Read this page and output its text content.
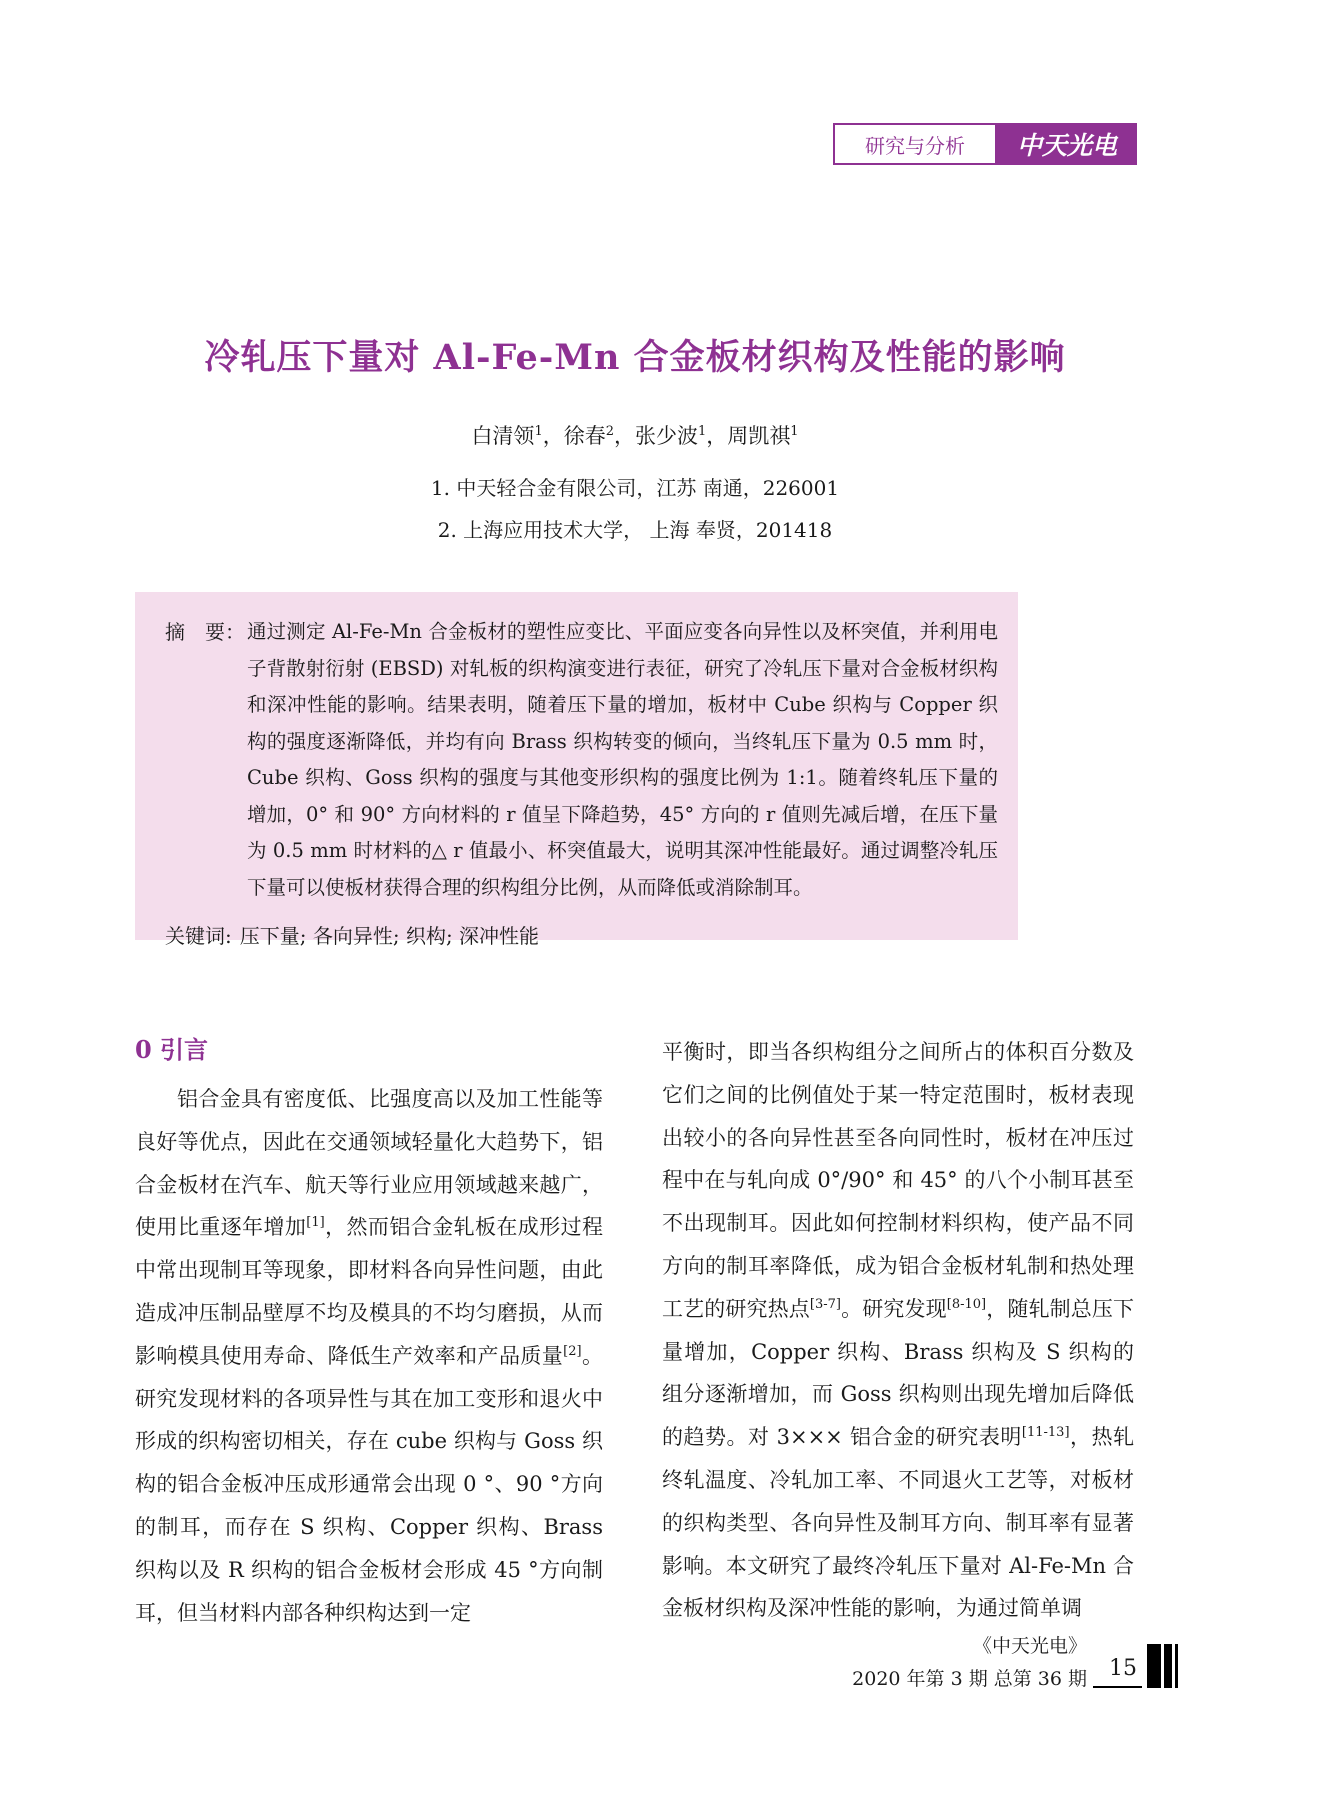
研究与分析	中天光电
冷轧压下量对 Al-Fe-Mn 合金板材织构及性能的影响
白清领$^1$，徐春$^2$，张少波$^1$，周凯祺$^1$
1. 中天轻合金有限公司，江苏 南通，226001
2. 上海应用技术大学， 上海 奉贤，201418
摘　要： 通过测定 Al-Fe-Mn 合金板材的塑性应变比、平面应变各向异性以及杯突值，并利用电子背散射衍射 (EBSD) 对轧板的织构演变进行表征，研究了冷轧压下量对合金板材织构和深冲性能的影响。结果表明，随着压下量的增加，板材中 Cube 织构与 Copper 织构的强度逐渐降低，并均有向 Brass 织构转变的倾向，当终轧压下量为 0.5 mm 时，Cube 织构、Goss 织构的强度与其他变形织构的强度比例为 1:1。随着终轧压下量的增加，0° 和 90° 方向材料的 r 值呈下降趋势，45° 方向的 r 值则先减后增，在压下量为 0.5 mm 时材料的△ r 值最小、杯突值最大，说明其深冲性能最好。通过调整冷轧压下量可以使板材获得合理的织构组分比例，从而降低或消除制耳。
关键词: 压下量; 各向异性; 织构; 深冲性能
0 引言
铝合金具有密度低、比强度高以及加工性能等良好等优点，因此在交通领域轻量化大趋势下，铝合金板材在汽车、航天等行业应用领域越来越广，使用比重逐年增加[1]，然而铝合金轧板在成形过程中常出现制耳等现象，即材料各向异性问题，由此造成冲压制品壁厚不均及模具的不均匀磨损，从而影响模具使用寿命、降低生产效率和产品质量[2]。研究发现材料的各项异性与其在加工变形和退火中形成的织构密切相关，存在 cube 织构与 Goss 织构的铝合金板冲压成形通常会出现 0 °、90 °方向的制耳，而存在 S 织构、Copper 织构、Brass 织构以及 R 织构的铝合金板材会形成 45 °方向制耳，但当材料内部各种织构达到一定
平衡时，即当各织构组分之间所占的体积百分数及它们之间的比例值处于某一特定范围时，板材表现出较小的各向异性甚至各向同性时，板材在冲压过程中在与轧向成 0°/90° 和 45° 的八个小制耳甚至不出现制耳。因此如何控制材料织构，使产品不同方向的制耳率降低，成为铝合金板材轧制和热处理工艺的研究热点[3-7]。研究发现[8-10]，随轧制总压下量增加，Copper 织构、Brass 织构及 S 织构的组分逐渐增加，而 Goss 织构则出现先增加后降低的趋势。对 3××× 铝合金的研究表明[11-13]，热轧终轧温度、冷轧加工率、不同退火工艺等，对板材的织构类型、各向异性及制耳方向、制耳率有显著影响。本文研究了最终冷轧压下量对 Al-Fe-Mn 合金板材织构及深冲性能的影响，为通过简单调
《中天光电》
2020 年第 3 期 总第 36 期	15
